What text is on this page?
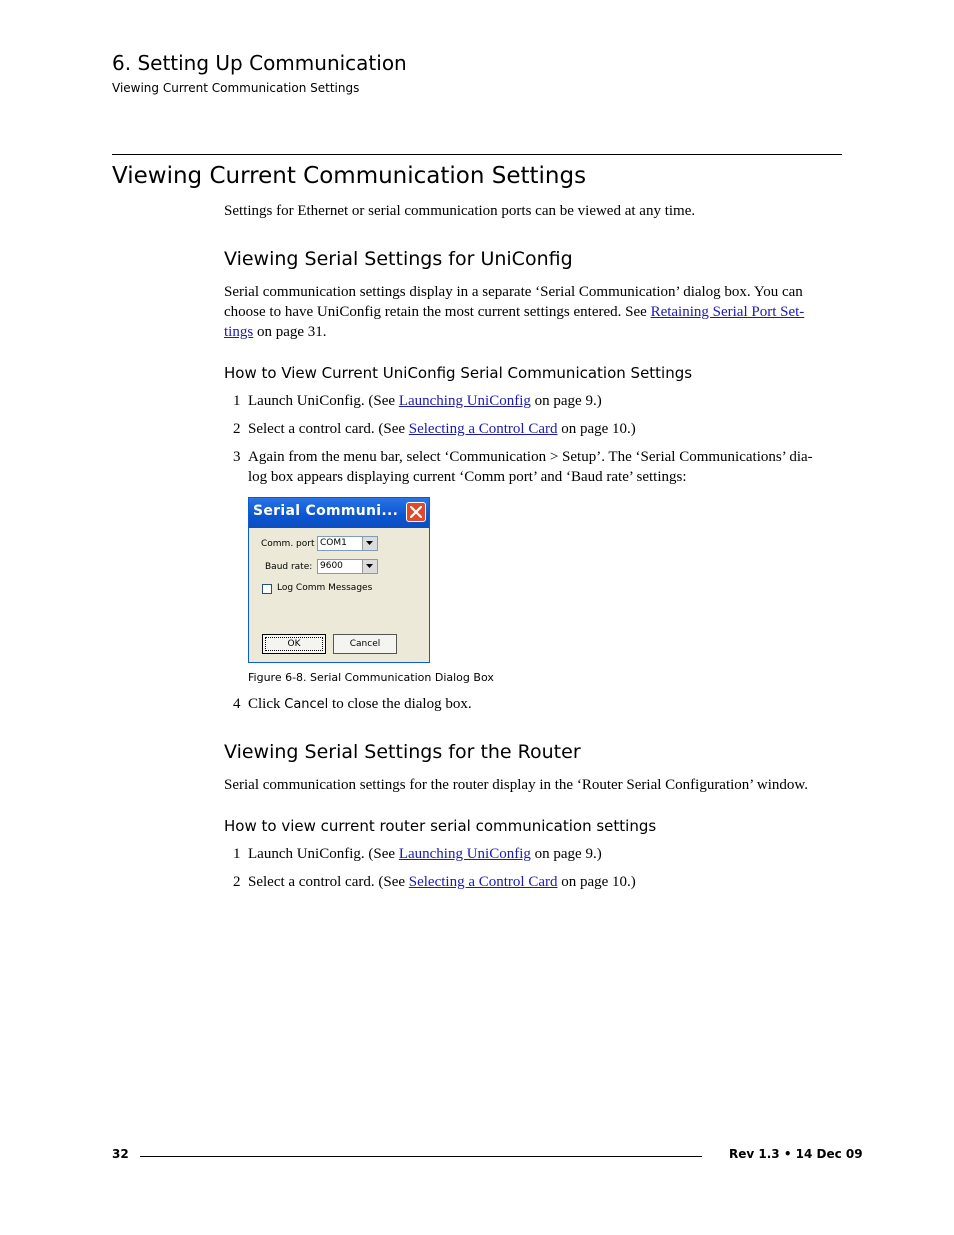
6. Setting Up Communication
Viewing Current Communication Settings
Viewing Current Communication Settings
Settings for Ethernet or serial communication ports can be viewed at any time.
Viewing Serial Settings for UniConfig
Serial communication settings display in a separate ‘Serial Communication’ dialog box. You can
choose to have UniConfig retain the most current settings entered. See Retaining Serial Port Set-
tings on page 31.
How to View Current UniConfig Serial Communication Settings
1 Launch UniConfig. (See Launching UniConfig on page 9.)
2 Select a control card. (See Selecting a Control Card on page 10.)
3 Again from the menu bar, select ‘Communication > Setup’. The ‘Serial Communications’ dia-
log box appears displaying current ‘Comm port’ and ‘Baud rate’ settings:
Serial Communi...
Comm. port COM1
Baud rate: 9600
Log Comm Messages
OK	Cancel
Figure 6-8. Serial Communication Dialog Box
4 Click Cancel to close the dialog box.
Viewing Serial Settings for the Router
Serial communication settings for the router display in the ‘Router Serial Configuration’ window.
How to view current router serial communication settings
1 Launch UniConfig. (See Launching UniConfig on page 9.)
2 Select a control card. (See Selecting a Control Card on page 10.)
32	Rev 1.3 • 14 Dec 09
